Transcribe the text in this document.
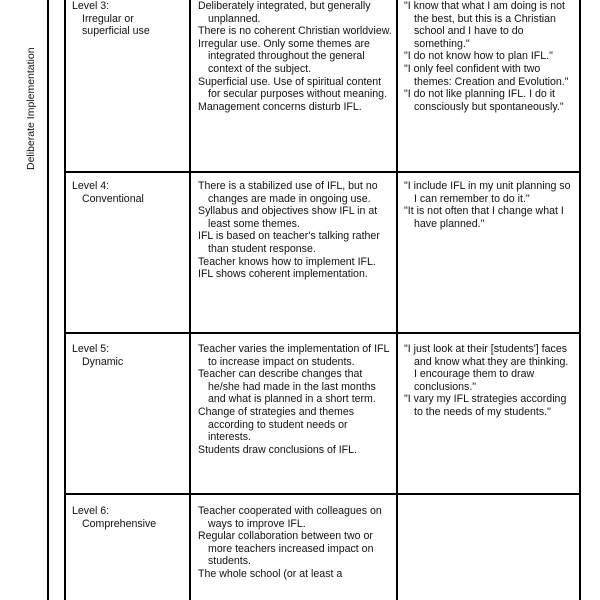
Deliberate Implementation
Level 3:
Irregular or superficial use

Deliberately integrated, but generally unplanned.

There is no coherent Christian worldview.

Irregular use. Only some themes are integrated throughout the general context of the subject.

Superficial use. Use of spiritual content for secular purposes without meaning.

Management concerns disturb IFL.

"I know that what I am doing is not the best, but this is a Christian school and I have to do something."

"I do not know how to plan IFL."

"I only feel confident with two themes: Creation and Evolution."

"I do not like planning IFL. I do it consciously but spontaneously."

Level 4:
Conventional

There is a stabilized use of IFL, but no changes are made in ongoing use.

Syllabus and objectives show IFL in at least some themes.

IFL is based on teacher's talking rather than student response.

Teacher knows how to implement IFL.

IFL shows coherent implementation.

"I include IFL in my unit planning so I can remember to do it."

"It is not often that I change what I have planned."

Level 5:
Dynamic

Teacher varies the implementation of IFL to increase impact on students.

Teacher can describe changes that he/she had made in the last months and what is planned in a short term.

Change of strategies and themes according to student needs or interests.

Students draw conclusions of IFL.

"I just look at their [students'] faces and know what they are thinking. I encourage them to draw conclusions."

"I vary my IFL strategies according to the needs of my students."

Level 6:
Comprehensive

Teacher cooperated with colleagues on ways to improve IFL.

Regular collaboration between two or more teachers increased impact on students.

The whole school (or at least a
